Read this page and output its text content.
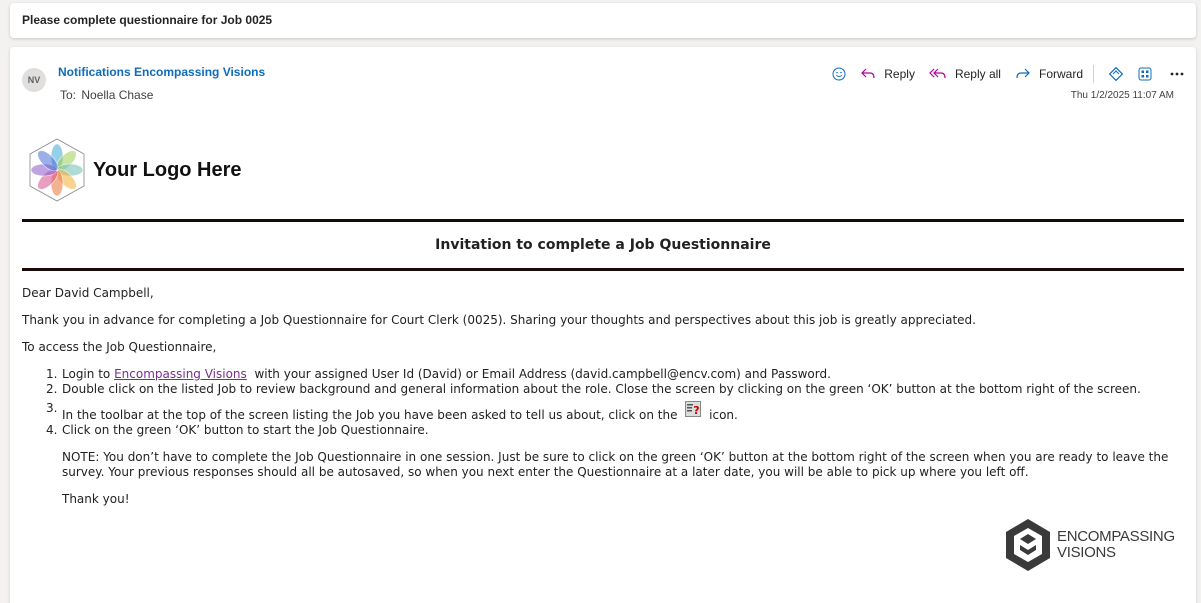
Please complete questionnaire for Job 0025
NV
Notifications Encompassing Visions
To: Noella Chase
Reply	Reply all	Forward
Thu 1/2/2025 11:07 AM
Your Logo Here
Invitation to complete a Job Questionnaire
Dear David Campbell,
Thank you in advance for completing a Job Questionnaire for Court Clerk (0025). Sharing your thoughts and perspectives about this job is greatly appreciated.
To access the Job Questionnaire,
1. Login to Encompassing Visions with your assigned User Id (David) or Email Address (david.campbell@encv.com) and Password.
2. Double click on the listed Job to review background and general information about the role. Close the screen by clicking on the green ‘OK’ button at the bottom right of the screen.
3. In the toolbar at the top of the screen listing the Job you have been asked to tell us about, click on the ? icon.
4. Click on the green ‘OK’ button to start the Job Questionnaire.
NOTE: You don’t have to complete the Job Questionnaire in one session. Just be sure to click on the green ‘OK’ button at the bottom right of the screen when you are ready to leave the survey. Your previous responses should all be autosaved, so when you next enter the Questionnaire at a later date, you will be able to pick up where you left off.
Thank you!
ENCOMPASSING
VISIONS
